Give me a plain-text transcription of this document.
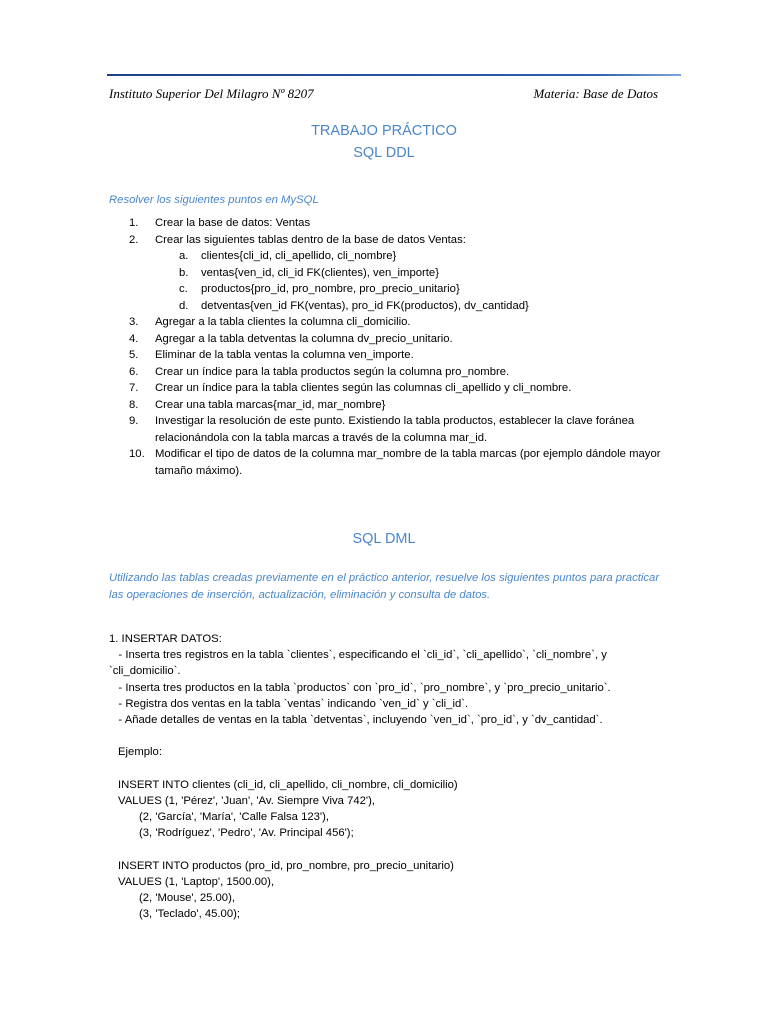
Instituto Superior Del Milagro Nº 8207	Materia: Base de Datos
TRABAJO PRÁCTICO
SQL DDL
Resolver los siguientes puntos en MySQL
1. Crear la base de datos: Ventas
2. Crear las siguientes tablas dentro de la base de datos Ventas:
a. clientes{cli_id, cli_apellido, cli_nombre}
b. ventas{ven_id, cli_id FK(clientes), ven_importe}
c. productos{pro_id, pro_nombre, pro_precio_unitario}
d. detventas{ven_id FK(ventas), pro_id FK(productos), dv_cantidad}
3. Agregar a la tabla clientes la columna cli_domicilio.
4. Agregar a la tabla detventas la columna dv_precio_unitario.
5. Eliminar de la tabla ventas la columna ven_importe.
6. Crear un índice para la tabla productos según la columna pro_nombre.
7. Crear un índice para la tabla clientes según las columnas cli_apellido y cli_nombre.
8. Crear una tabla marcas{mar_id, mar_nombre}
9. Investigar la resolución de este punto. Existiendo la tabla productos, establecer la clave foránea relacionándola con la tabla marcas a través de la columna mar_id.
10. Modificar el tipo de datos de la columna mar_nombre de la tabla marcas (por ejemplo dándole mayor tamaño máximo).
SQL DML
Utilizando las tablas creadas previamente en el práctico anterior, resuelve los siguientes puntos para practicar las operaciones de inserción, actualización, eliminación y consulta de datos.
1. INSERTAR DATOS:
- Inserta tres registros en la tabla `clientes`, especificando el `cli_id`, `cli_apellido`, `cli_nombre`, y
`cli_domicilio`.
- Inserta tres productos en la tabla `productos` con `pro_id`, `pro_nombre`, y `pro_precio_unitario`.
- Registra dos ventas en la tabla `ventas` indicando `ven_id` y `cli_id`.
- Añade detalles de ventas en la tabla `detventas`, incluyendo `ven_id`, `pro_id`, y `dv_cantidad`.
Ejemplo:
INSERT INTO clientes (cli_id, cli_apellido, cli_nombre, cli_domicilio)
VALUES (1, 'Pérez', 'Juan', 'Av. Siempre Viva 742'),
(2, 'García', 'María', 'Calle Falsa 123'),
(3, 'Rodríguez', 'Pedro', 'Av. Principal 456');
INSERT INTO productos (pro_id, pro_nombre, pro_precio_unitario)
VALUES (1, 'Laptop', 1500.00),
(2, 'Mouse', 25.00),
(3, 'Teclado', 45.00);
